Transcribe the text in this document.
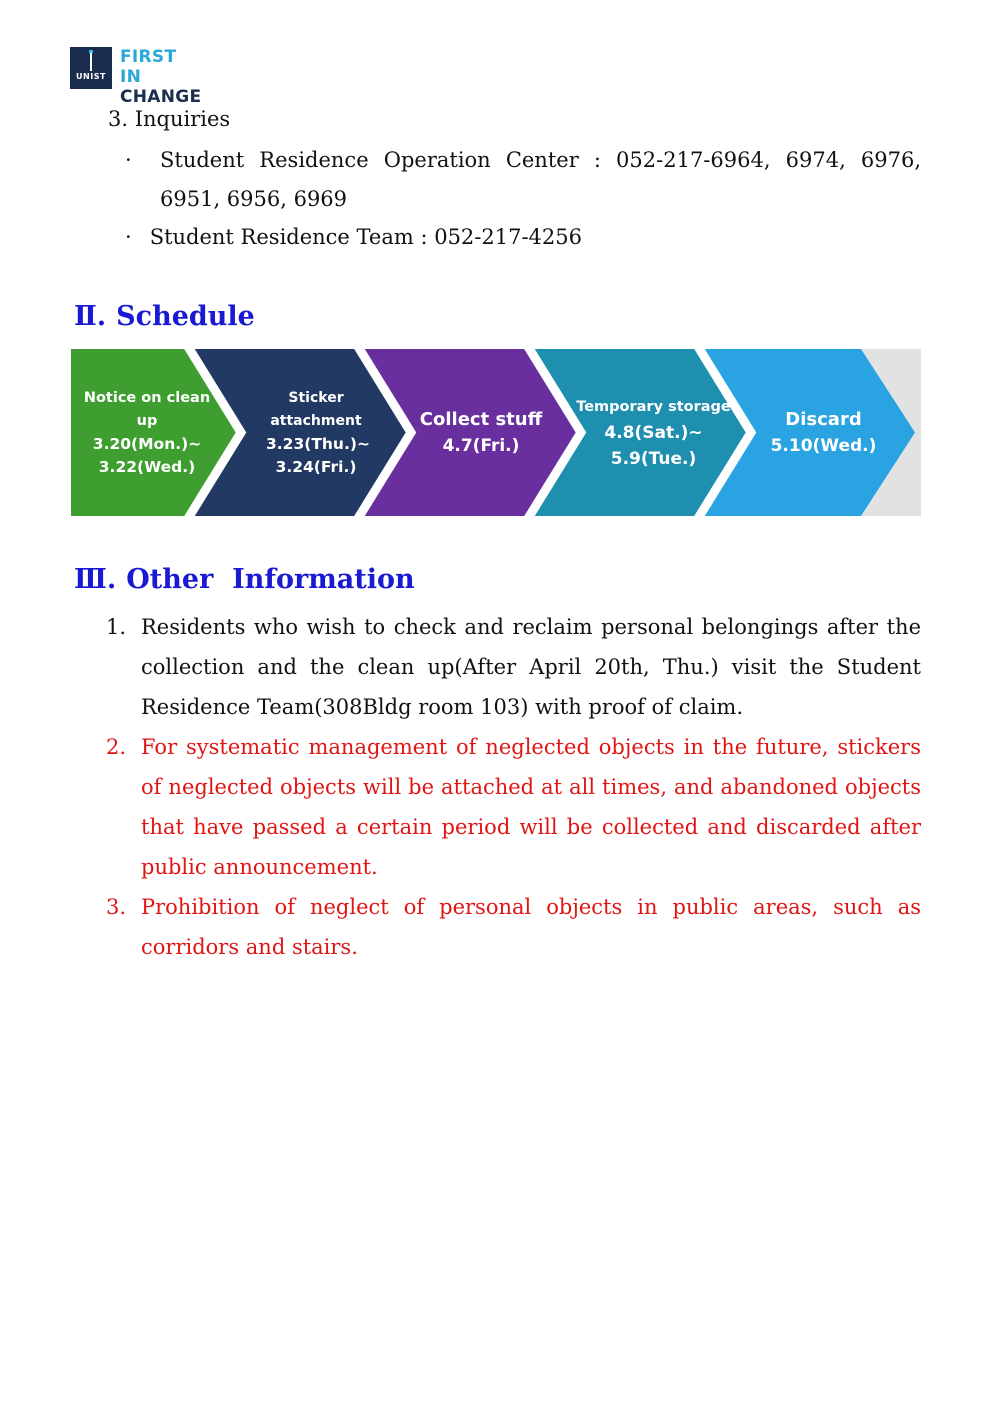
UNIST
FIRST IN
CHANGE
3. Inquiries
· Student Residence Operation Center : 052-217-6964, 6974, 6976, 6951, 6956, 6969
· Student Residence Team : 052-217-4256
Ⅱ. Schedule
Notice on clean up
3.20(Mon.)~ 3.22(Wed.)
Sticker attachment
3.23(Thu.)~ 3.24(Fri.)
Collect stuff
4.7(Fri.)
Temporary storage
4.8(Sat.)~ 5.9(Tue.)
Discard
5.10(Wed.)
Ⅲ. Other  Information
1. Residents who wish to check and reclaim personal belongings after the collection and the clean up(After April 20th, Thu.) visit the Student Residence Team(308Bldg room 103) with proof of claim.
2. For systematic management of neglected objects in the future, stickers of neglected objects will be attached at all times, and abandoned objects that have passed a certain period will be collected and discarded after public announcement.
3. Prohibition of neglect of personal objects in public areas, such as corridors and stairs.
